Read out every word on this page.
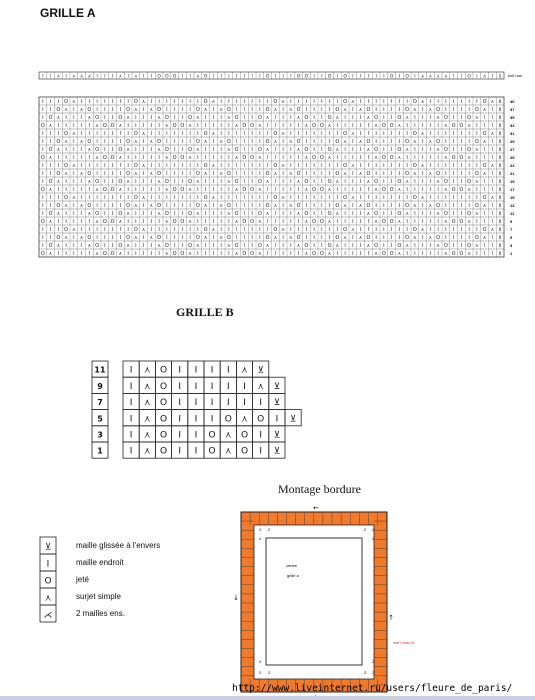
GRILLE A
I I ⋏ I ⋏ ⋏ ⋏ I I I ⋏ I ⋏ I I O O O I I ⋏ O I I I I I I I O I I I O O I I O I O I I I I I O I O I ⋏ ⋏ ⋏ ⋏ I I O I ⋏ I ⊻ knit row
I I I O ⋏ I I I I I I I O ⋏ I I I I I I I O ⋏ I I I I I I I O ⋏ I I I I I I I O ⋏ I I I I I I I O ⋏ I I I I I I I O ⋏ ⊻ 40
I I O ⋏ I ⋏ O I I I I O ⋏ I ⋏ O I I I I O ⋏ I ⋏ O I I I I O ⋏ I ⋏ O I I I I O ⋏ I ⋏ O I I I I O ⋏ I ⋏ O I I I I O ⋏ I ⊻ 37
I O ⋏ I I I ⋏ O I I O ⋏ I I I ⋏ O I I O ⋏ I I I ⋏ O I I O ⋏ I I I ⋏ O I I O ⋏ I I I ⋏ O I I O ⋏ I I I ⋏ O I I O ⋏ I I ⊻ 35
O ⋏ I I I I I ⋏ O O ⋏ I I I I I ⋏ O O ⋏ I I I I I ⋏ O O ⋏ I I I I I ⋏ O O ⋏ I I I I I ⋏ O O ⋏ I I I I I ⋏ O O ⋏ I I I ⊻ 33
I I I O ⋏ I I I I I I I O ⋏ I I I I I I I O ⋏ I I I I I I I O ⋏ I I I I I I I O ⋏ I I I I I I I O ⋏ I I I I I I I O ⋏ ⊻ 31
I I O ⋏ I ⋏ O I I I I O ⋏ I ⋏ O I I I I O ⋏ I ⋏ O I I I I O ⋏ I ⋏ O I I I I O ⋏ I ⋏ O I I I I O ⋏ I ⋏ O I I I I O ⋏ I ⊻ 29
I O ⋏ I I I ⋏ O I I O ⋏ I I I ⋏ O I I O ⋏ I I I ⋏ O I I O ⋏ I I I ⋏ O I I O ⋏ I I I ⋏ O I I O ⋏ I I I ⋏ O I I O ⋏ I I ⊻ 27
O ⋏ I I I I I ⋏ O O ⋏ I I I I I ⋏ O O ⋏ I I I I I ⋏ O O ⋏ I I I I I ⋏ O O ⋏ I I I I I ⋏ O O ⋏ I I I I I ⋏ O O ⋏ I I I ⊻ 25
I I I O ⋏ I I I I I I I O ⋏ I I I I I I I O ⋏ I I I I I I I O ⋏ I I I I I I I O ⋏ I I I I I I I O ⋏ I I I I I I I O ⋏ ⊻ 23
I I O ⋏ I ⋏ O I I I I O ⋏ I ⋏ O I I I I O ⋏ I ⋏ O I I I I O ⋏ I ⋏ O I I I I O ⋏ I ⋏ O I I I I O ⋏ I ⋏ O I I I I O ⋏ I ⊻ 21
I O ⋏ I I I ⋏ O I I O ⋏ I I I ⋏ O I I O ⋏ I I I ⋏ O I I O ⋏ I I I ⋏ O I I O ⋏ I I I ⋏ O I I O ⋏ I I I ⋏ O I I O ⋏ I I ⊻ 19
O ⋏ I I I I I ⋏ O O ⋏ I I I I I ⋏ O O ⋏ I I I I I ⋏ O O ⋏ I I I I I ⋏ O O ⋏ I I I I I ⋏ O O ⋏ I I I I I ⋏ O O ⋏ I I I ⊻ 17
I I I O ⋏ I I I I I I I O ⋏ I I I I I I I O ⋏ I I I I I I I O ⋏ I I I I I I I O ⋏ I I I I I I I O ⋏ I I I I I I I O ⋏ ⊻ 15
I I O ⋏ I ⋏ O I I I I O ⋏ I ⋏ O I I I I O ⋏ I ⋏ O I I I I O ⋏ I ⋏ O I I I I O ⋏ I ⋏ O I I I I O ⋏ I ⋏ O I I I I O ⋏ I ⊻ 13
I O ⋏ I I I ⋏ O I I O ⋏ I I I ⋏ O I I O ⋏ I I I ⋏ O I I O ⋏ I I I ⋏ O I I O ⋏ I I I ⋏ O I I O ⋏ I I I ⋏ O I I O ⋏ I I ⊻ 11
O ⋏ I I I I I ⋏ O O ⋏ I I I I I ⋏ O O ⋏ I I I I I ⋏ O O ⋏ I I I I I ⋏ O O ⋏ I I I I I ⋏ O O ⋏ I I I I I ⋏ O O ⋏ I I I ⊻ 9
I I I O ⋏ I I I I I I I O ⋏ I I I I I I I O ⋏ I I I I I I I O ⋏ I I I I I I I O ⋏ I I I I I I I O ⋏ I I I I I I I O ⋏ ⊻ 7
I I O ⋏ I ⋏ O I I I I O ⋏ I ⋏ O I I I I O ⋏ I ⋏ O I I I I O ⋏ I ⋏ O I I I I O ⋏ I ⋏ O I I I I O ⋏ I ⋏ O I I I I O ⋏ I ⊻ 5
I O ⋏ I I I ⋏ O I I O ⋏ I I I ⋏ O I I O ⋏ I I I ⋏ O I I O ⋏ I I I ⋏ O I I O ⋏ I I I ⋏ O I I O ⋏ I I I ⋏ O I I O ⋏ I I ⊻ 3
O ⋏ I I I I I ⋏ O O ⋏ I I I I I ⋏ O O ⋏ I I I I I ⋏ O O ⋏ I I I I I ⋏ O O ⋏ I I I I I ⋏ O O ⋏ I I I I I ⋏ O O ⋏ I I I ⊻ 1
GRILLE B
11	I ⋏ O I I I I ⋏ ⊻
9	I ⋏ O I I I I I ⋏ ⊻
7	I ⋏ O I I I I I I ⊻
5	I ⋏ O I I I O ⋏ O I ⊻
3	I ⋏ O I I O ⋏ O I ⊻
1	I ⋏ O I I O ⋏ O I ⊻
Montage bordure
centre
grille a
2 2
2
2 2
2
2
2 2	2 2
2
←
↓
↑
start chart b
⊻	maille glissée à l'envers
I	maille endroit
O	jeté
⋏	surjet simple
⋌	2 mailles ens.
http://www.liveinternet.ru/users/fleure_de_paris/
